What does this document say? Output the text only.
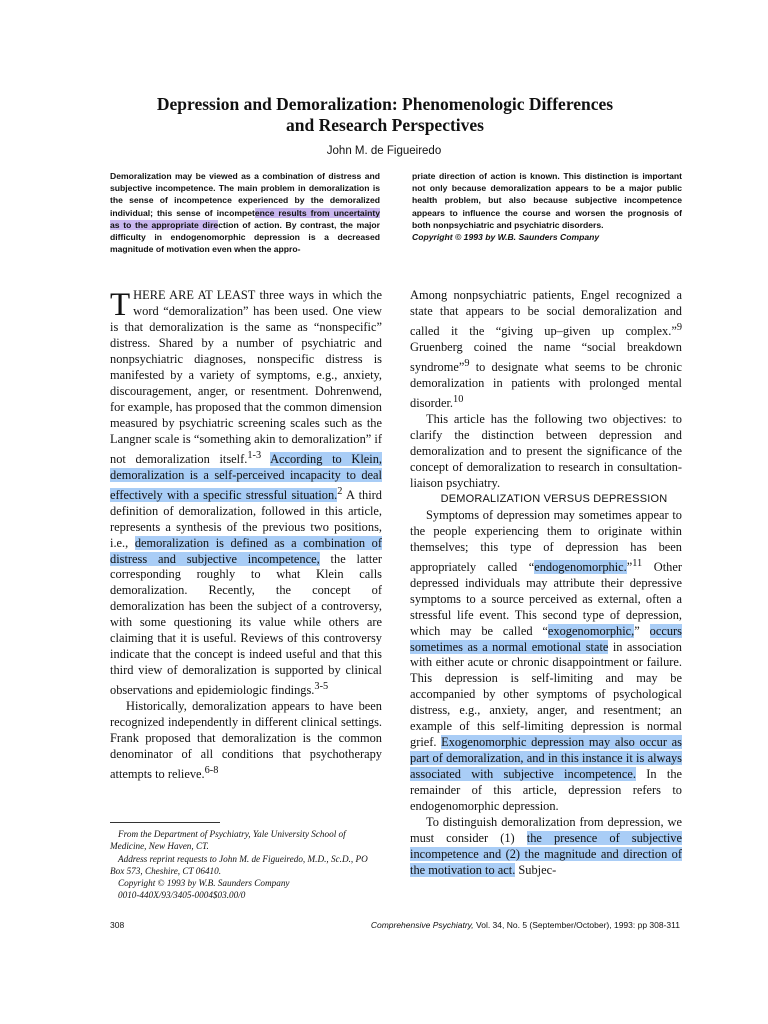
Depression and Demoralization: Phenomenologic Differences
and Research Perspectives

John M. de Figueiredo

Demoralization may be viewed as a combination of distress and subjective incompetence. The main problem in demoralization is the sense of incompetence experienced by the demoralized individual; this sense of incompetence results from uncertainty as to the appropriate direction of action. By contrast, the major difficulty in endogenomorphic depression is a decreased magnitude of motivation even when the appro-

priate direction of action is known. This distinction is important not only because demoralization appears to be a major public health problem, but also because subjective incompetence appears to influence the course and worsen the prognosis of both nonpsychiatric and psychiatric disorders.
Copyright © 1993 by W.B. Saunders Company

THERE ARE AT LEAST three ways in which the word “demoralization” has been used. One view is that demoralization is the same as “nonspecific” distress. Shared by a number of psychiatric and nonpsychiatric diagnoses, nonspecific distress is manifested by a variety of symptoms, e.g., anxiety, discouragement, anger, or resentment. Dohrenwend, for example, has proposed that the common dimension measured by psychiatric screening scales such as the Langner scale is “something akin to demoralization” if not demoralization itself.$^{1-3}$ According to Klein, demoralization is a self-perceived incapacity to deal effectively with a specific stressful situation.$^2$ A third definition of demoralization, followed in this article, represents a synthesis of the previous two positions, i.e., demoralization is defined as a combination of distress and subjective incompetence, the latter corresponding roughly to what Klein calls demoralization. Recently, the concept of demoralization has been the subject of a controversy, with some questioning its value while others are claiming that it is useful. Reviews of this controversy indicate that the concept is indeed useful and that this third view of demoralization is supported by clinical observations and epidemiologic findings.$^{3-5}$

Historically, demoralization appears to have been recognized independently in different clinical settings. Frank proposed that demoralization is the common denominator of all conditions that psychotherapy attempts to relieve.$^{6-8}$

Among nonpsychiatric patients, Engel recognized a state that appears to be social demoralization and called it the “giving up–given up complex.”$^9$ Gruenberg coined the name “social breakdown syndrome”$^9$ to designate what seems to be chronic demoralization in patients with prolonged mental disorder.$^{10}$

This article has the following two objectives: to clarify the distinction between depression and demoralization and to present the significance of the concept of demoralization to research in consultation-liaison psychiatry.

DEMORALIZATION VERSUS DEPRESSION

Symptoms of depression may sometimes appear to the people experiencing them to originate within themselves; this type of depression has been appropriately called “endogenomorphic.”$^{11}$ Other depressed individuals may attribute their depressive symptoms to a source perceived as external, often a stressful life event. This second type of depression, which may be called “exogenomorphic,” occurs sometimes as a normal emotional state in association with either acute or chronic disappointment or failure. This depression is self-limiting and may be accompanied by other symptoms of psychological distress, e.g., anxiety, anger, and resentment; an example of this self-limiting depression is normal grief. Exogenomorphic depression may also occur as part of demoralization, and in this instance it is always associated with subjective incompetence. In the remainder of this article, depression refers to endogenomorphic depression.

To distinguish demoralization from depression, we must consider (1) the presence of subjective incompetence and (2) the magnitude and direction of the motivation to act. Subjec-

From the Department of Psychiatry, Yale University School of Medicine, New Haven, CT.

Address reprint requests to John M. de Figueiredo, M.D., Sc.D., PO Box 573, Cheshire, CT 06410.

Copyright © 1993 by W.B. Saunders Company

0010-440X/93/3405-0004$03.00/0

308	Comprehensive Psychiatry, Vol. 34, No. 5 (September/October), 1993: pp 308-311
